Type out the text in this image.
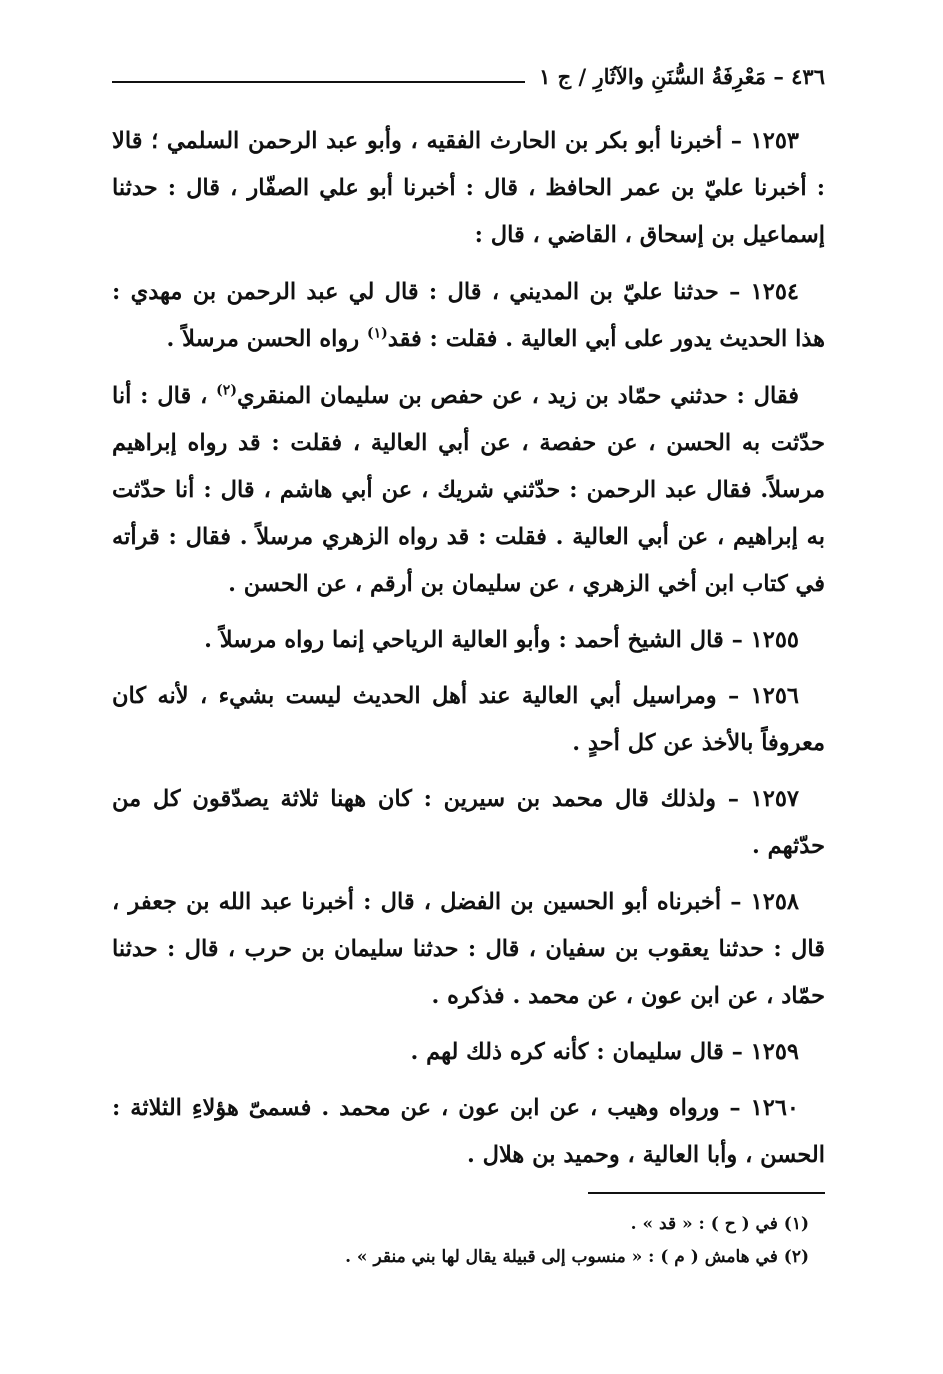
٤٣٦ – مَعْرِفَةُ السُّنَنِ والآثَارِ / ج ١

١٢٥٣ – أخبرنا أبو بكر بن الحارث الفقيه ، وأبو عبد الرحمن السلمي ؛ قالا : أخبرنا عليّ بن عمر الحافظ ، قال : أخبرنا أبو علي الصفّار ، قال : حدثنا إسماعيل بن إسحاق ، القاضي ، قال :

١٢٥٤ – حدثنا عليّ بن المديني ، قال : قال لي عبد الرحمن بن مهدي : هذا الحديث يدور على أبي العالية . فقلت : فقد$^{(١)}$ رواه الحسن مرسلاً .

فقال : حدثني حمّاد بن زيد ، عن حفص بن سليمان المنقري$^{(٢)}$ ، قال : أنا حدّثت به الحسن ، عن حفصة ، عن أبي العالية ، فقلت : قد رواه إبراهيم مرسلاً. فقال عبد الرحمن : حدّثني شريك ، عن أبي هاشم ، قال : أنا حدّثت به إبراهيم ، عن أبي العالية . فقلت : قد رواه الزهري مرسلاً . فقال : قرأته في كتاب ابن أخي الزهري ، عن سليمان بن أرقم ، عن الحسن .

١٢٥٥ – قال الشيخ أحمد : وأبو العالية الرياحي إنما رواه مرسلاً .

١٢٥٦ – ومراسيل أبي العالية عند أهل الحديث ليست بشيء ، لأنه كان معروفاً بالأخذ عن كل أحدٍ .

١٢٥٧ – ولذلك قال محمد بن سيرين : كان ههنا ثلاثة يصدّقون كل من حدّثهم .

١٢٥٨ – أخبرناه أبو الحسين بن الفضل ، قال : أخبرنا عبد الله بن جعفر ، قال : حدثنا يعقوب بن سفيان ، قال : حدثنا سليمان بن حرب ، قال : حدثنا حمّاد ، عن ابن عون ، عن محمد . فذكره .

١٢٥٩ – قال سليمان : كأنه كره ذلك لهم .

١٢٦٠ – ورواه وهيب ، عن ابن عون ، عن محمد . فسمىّ هؤلاءِ الثلاثة : الحسن ، وأبا العالية ، وحميد بن هلال .

(١) في ( ح ) : « قد » .

(٢) في هامش ( م ) : « منسوب إلى قبيلة يقال لها بني منقر » .
